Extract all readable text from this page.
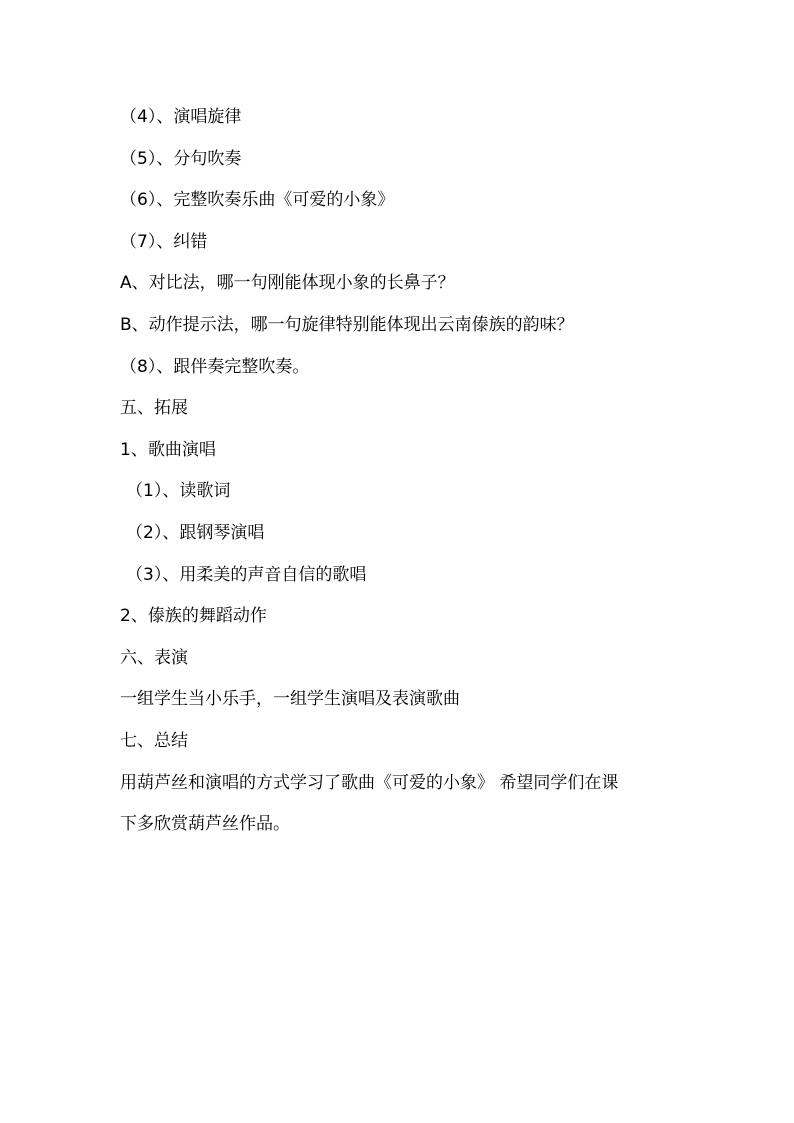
（4）、演唱旋律

（5）、分句吹奏

（6）、完整吹奏乐曲《可爱的小象》

（7）、纠错

A、对比法，哪一句刚能体现小象的长鼻子？

B、动作提示法，哪一句旋律特别能体现出云南傣族的韵味？

（8）、跟伴奏完整吹奏。

五、拓展

1、歌曲演唱

（1）、读歌词

（2）、跟钢琴演唱

（3）、用柔美的声音自信的歌唱

2、傣族的舞蹈动作

六、表演

一组学生当小乐手，一组学生演唱及表演歌曲

七、总结

用葫芦丝和演唱的方式学习了歌曲《可爱的小象》 希望同学们在课

下多欣赏葫芦丝作品。
